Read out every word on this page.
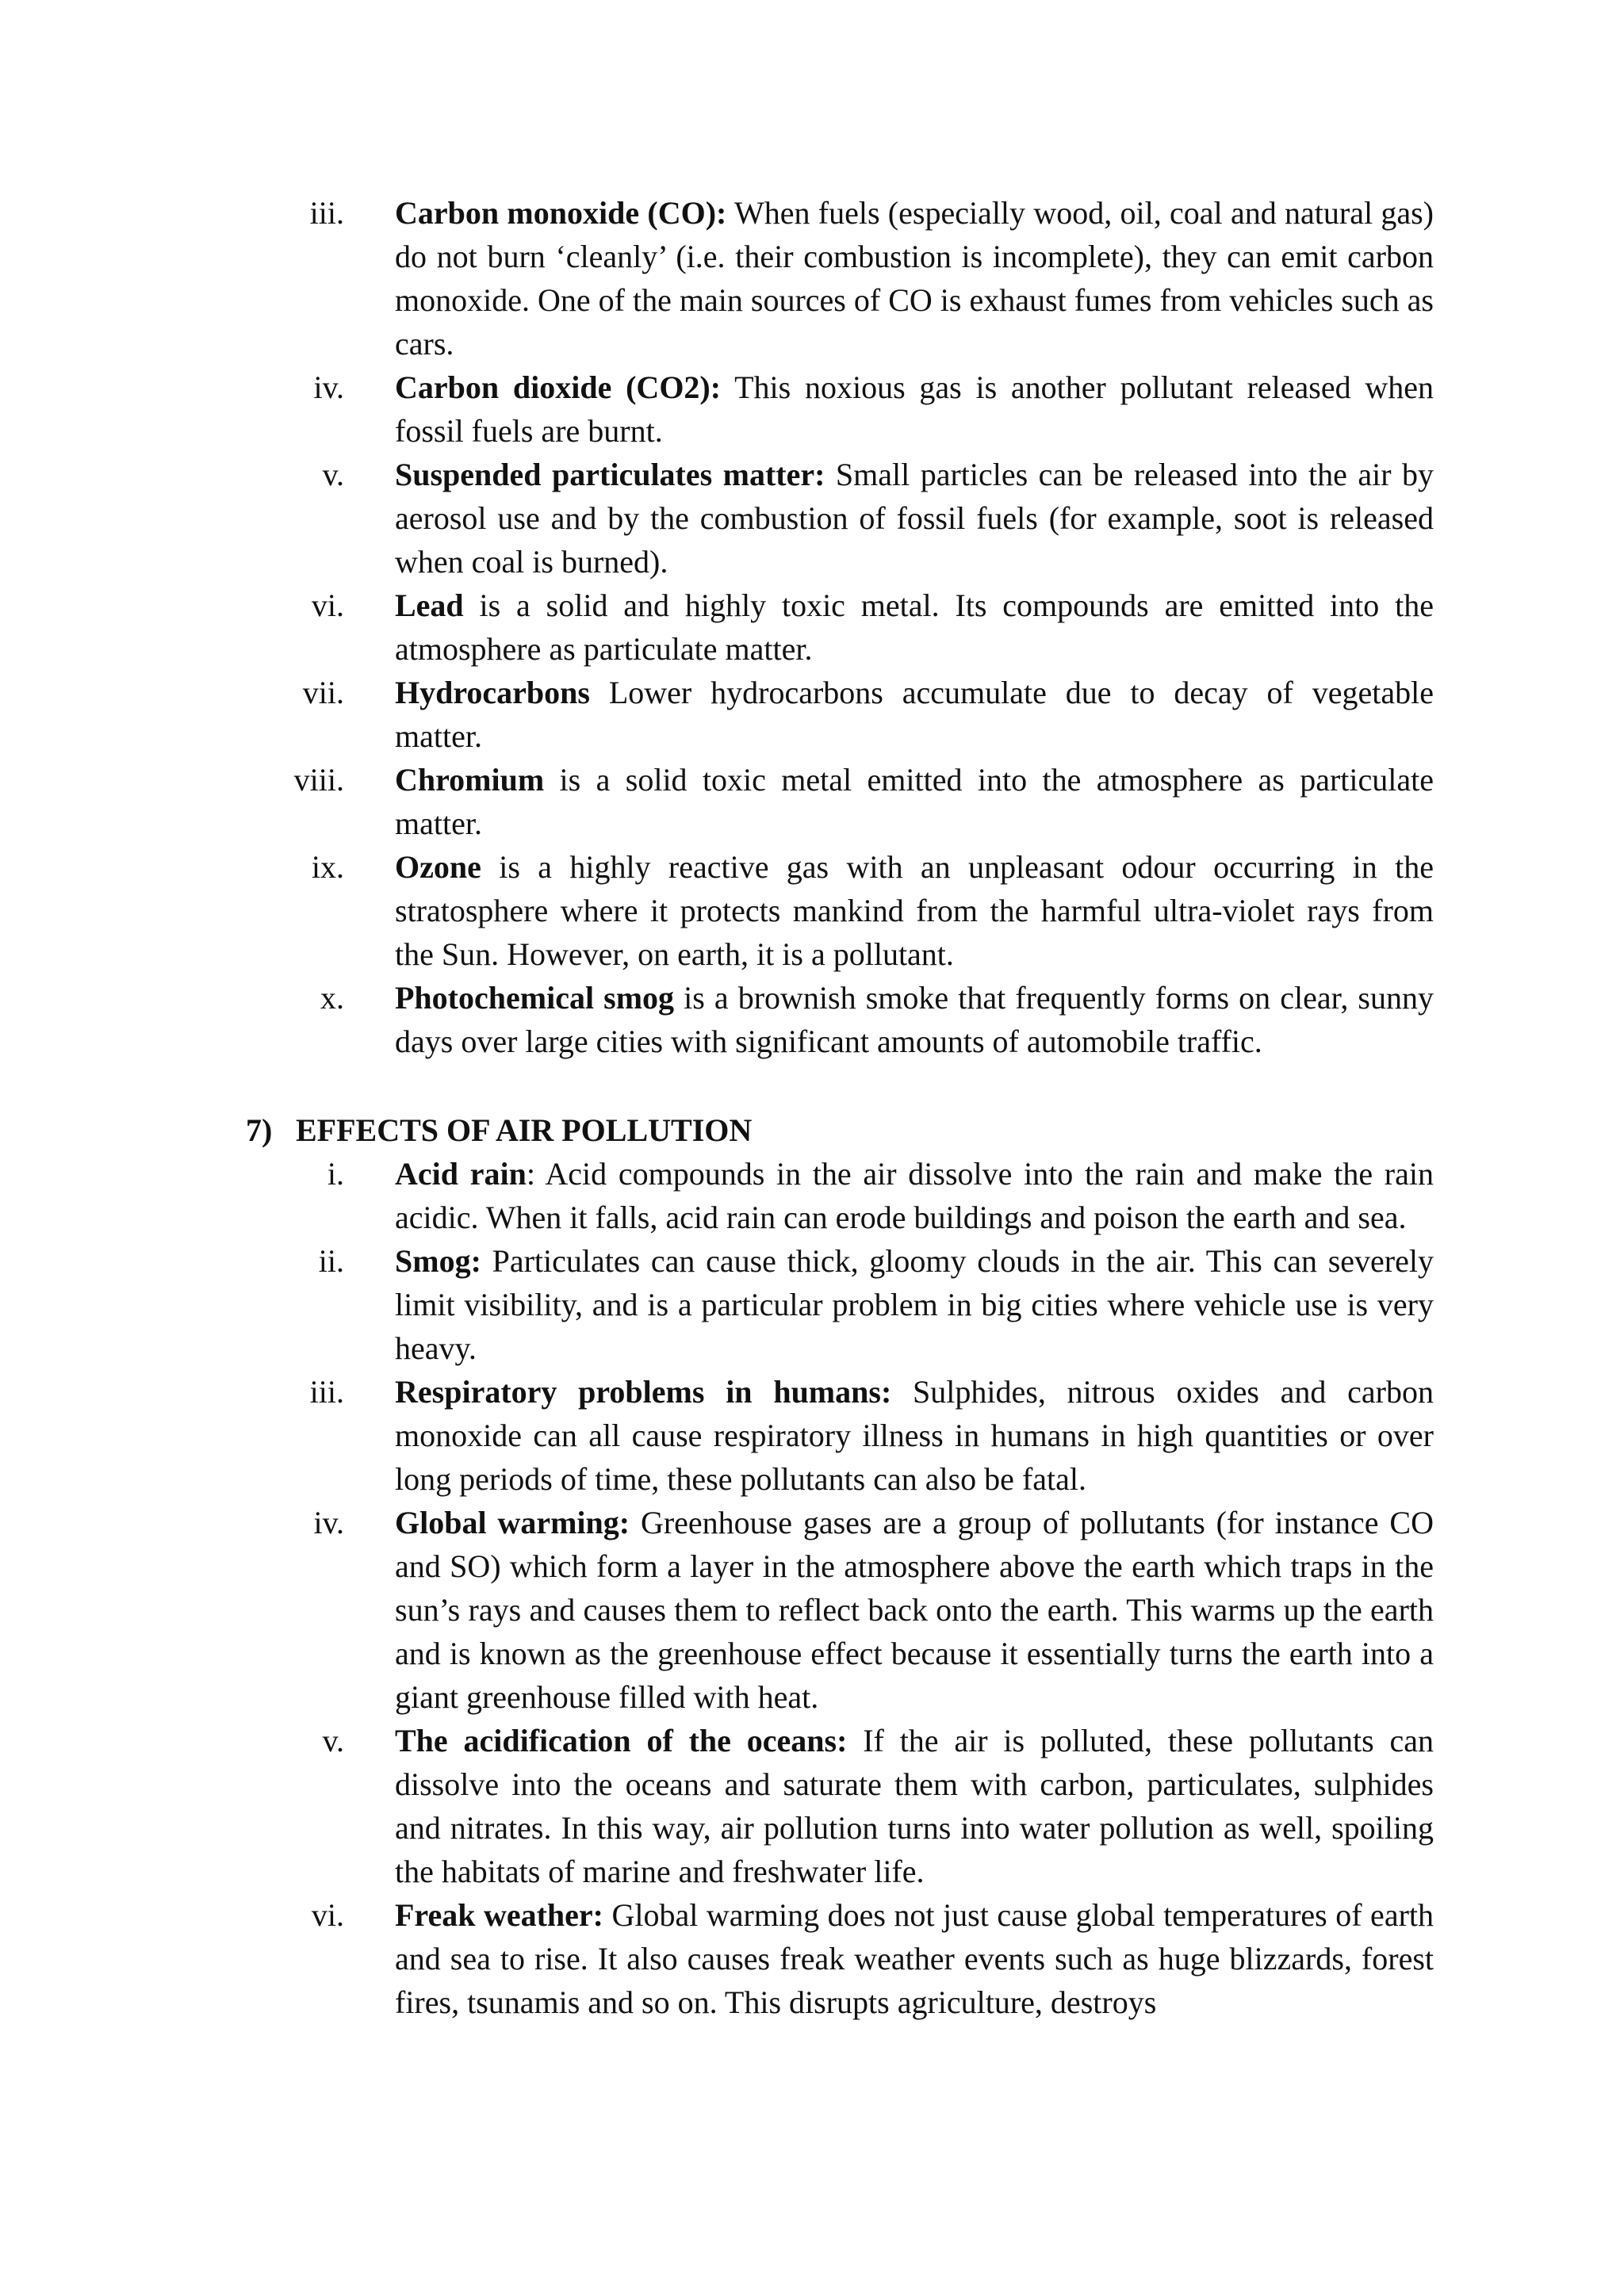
iii. Carbon monoxide (CO): When fuels (especially wood, oil, coal and natural gas) do not burn ‘cleanly’ (i.e. their combustion is incomplete), they can emit carbon monoxide. One of the main sources of CO is exhaust fumes from vehicles such as cars.
iv. Carbon dioxide (CO2): This noxious gas is another pollutant released when fossil fuels are burnt.
v. Suspended particulates matter: Small particles can be released into the air by aerosol use and by the combustion of fossil fuels (for example, soot is released when coal is burned).
vi. Lead is a solid and highly toxic metal. Its compounds are emitted into the atmosphere as particulate matter.
vii. Hydrocarbons Lower hydrocarbons accumulate due to decay of vegetable matter.
viii. Chromium is a solid toxic metal emitted into the atmosphere as particulate matter.
ix. Ozone is a highly reactive gas with an unpleasant odour occurring in the stratosphere where it protects mankind from the harmful ultra-violet rays from the Sun. However, on earth, it is a pollutant.
x. Photochemical smog is a brownish smoke that frequently forms on clear, sunny days over large cities with significant amounts of automobile traffic.
7) EFFECTS OF AIR POLLUTION
i. Acid rain: Acid compounds in the air dissolve into the rain and make the rain acidic. When it falls, acid rain can erode buildings and poison the earth and sea.
ii. Smog: Particulates can cause thick, gloomy clouds in the air. This can severely limit visibility, and is a particular problem in big cities where vehicle use is very heavy.
iii. Respiratory problems in humans: Sulphides, nitrous oxides and carbon monoxide can all cause respiratory illness in humans in high quantities or over long periods of time, these pollutants can also be fatal.
iv. Global warming: Greenhouse gases are a group of pollutants (for instance CO and SO) which form a layer in the atmosphere above the earth which traps in the sun’s rays and causes them to reflect back onto the earth. This warms up the earth and is known as the greenhouse effect because it essentially turns the earth into a giant greenhouse filled with heat.
v. The acidification of the oceans: If the air is polluted, these pollutants can dissolve into the oceans and saturate them with carbon, particulates, sulphides and nitrates. In this way, air pollution turns into water pollution as well, spoiling the habitats of marine and freshwater life.
vi. Freak weather: Global warming does not just cause global temperatures of earth and sea to rise. It also causes freak weather events such as huge blizzards, forest fires, tsunamis and so on. This disrupts agriculture, destroys
